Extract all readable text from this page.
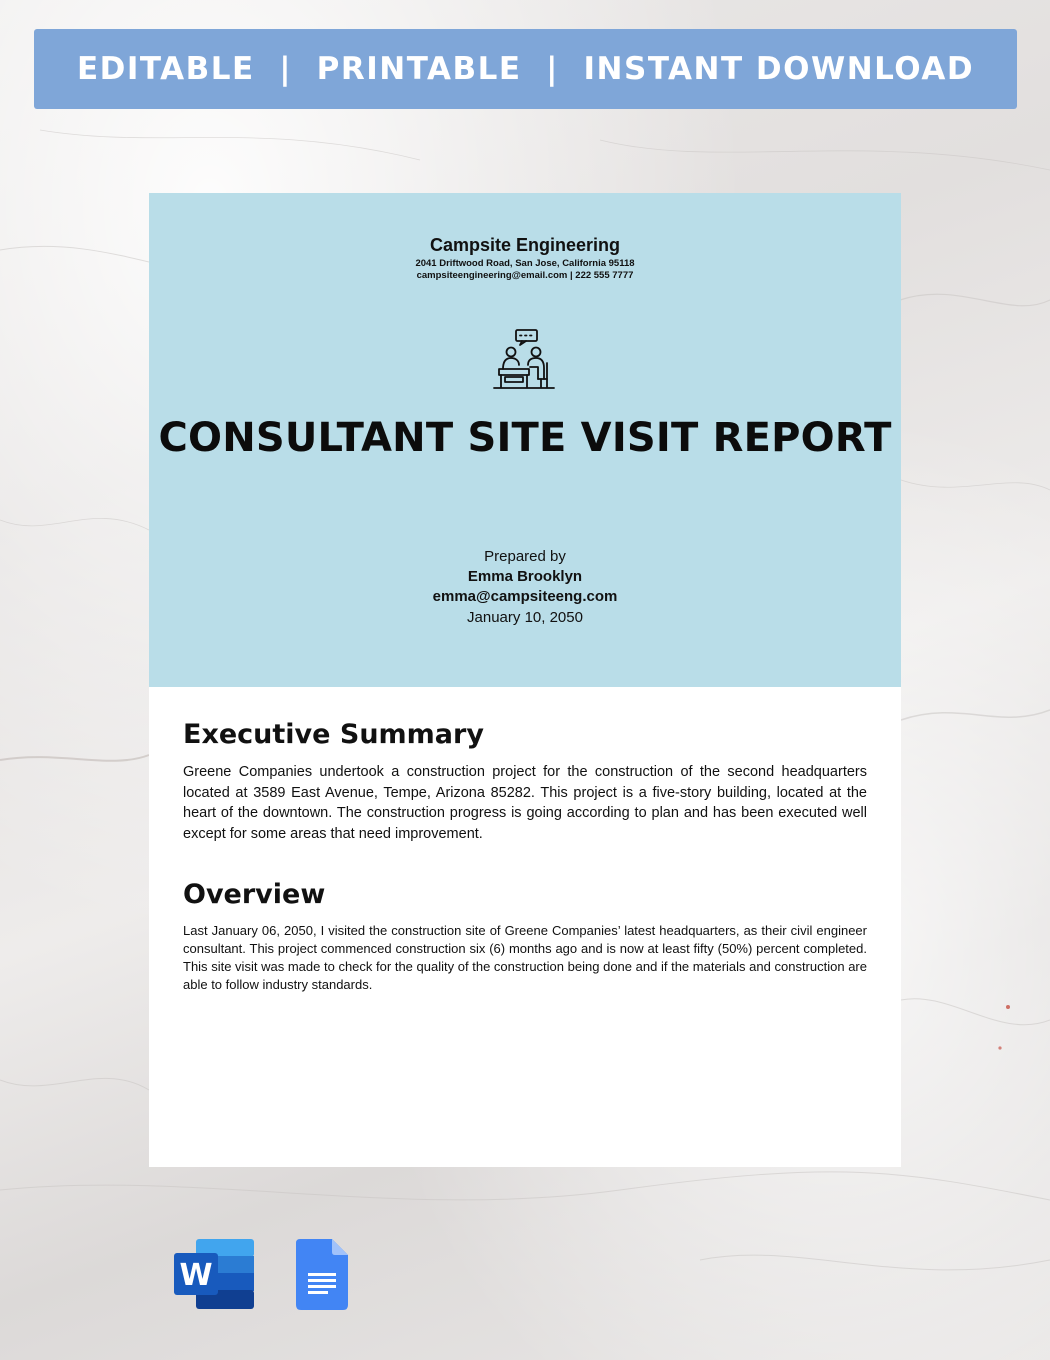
EDITABLE  |  PRINTABLE  |  INSTANT DOWNLOAD
Campsite Engineering
2041 Driftwood Road, San Jose, California 95118
campsiteengineering@email.com | 222 555 7777
CONSULTANT SITE VISIT REPORT
Prepared by
Emma Brooklyn
emma@campsiteeng.com
January 10, 2050
Executive Summary

Greene Companies undertook a construction project for the construction of the second headquarters located at 3589 East Avenue, Tempe, Arizona 85282. This project is a five-story building, located at the heart of the downtown. The construction progress is going according to plan and has been executed well except for some areas that need improvement.

Overview

Last January 06, 2050, I visited the construction site of Greene Companies’ latest headquarters, as their civil engineer consultant. This project commenced construction six (6) months ago and is now at least fifty (50%) percent completed. This site visit was made to check for the quality of the construction being done and if the materials and construction are able to follow industry standards.

W
